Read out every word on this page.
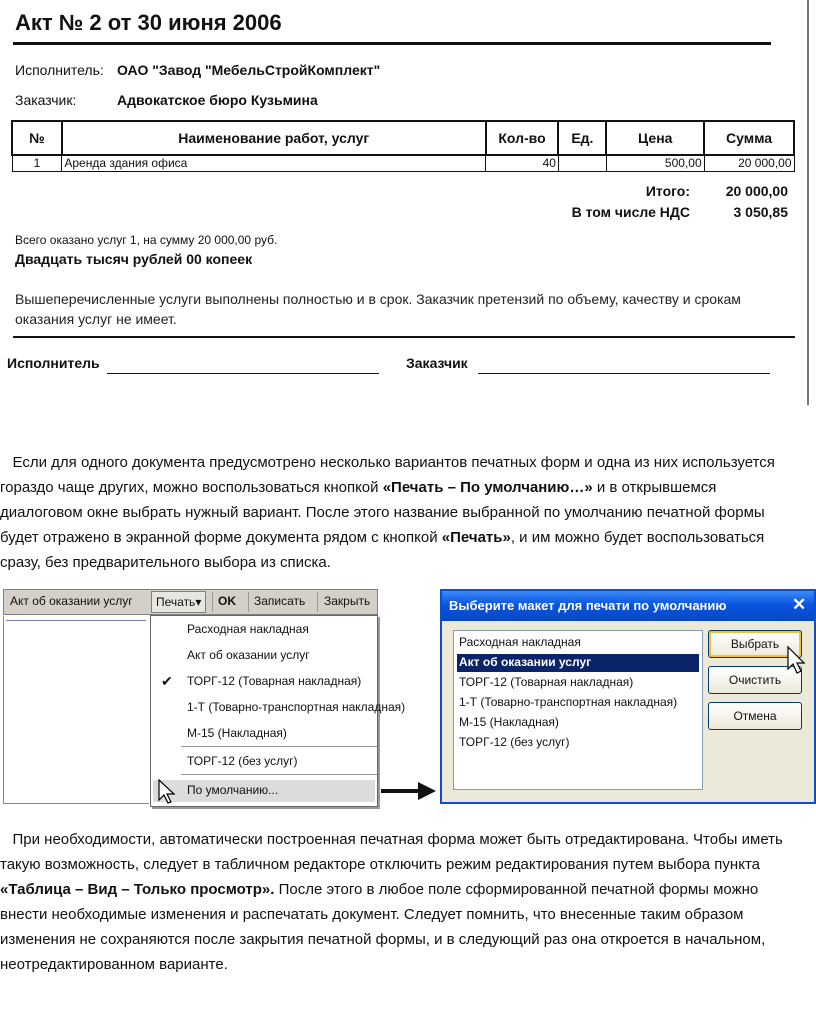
Акт № 2 от 30 июня 2006
Исполнитель: ОАО "Завод "МебельСтройКомплект"
Заказчик:	Адвокатское бюро Кузьмина
№	Наименование работ, услуг	Кол-во	Ед.	Цена	Сумма
1	Аренда здания офиса	40		500,00	20 000,00
Итого:	20 000,00
В том числе НДС	3 050,85
Всего оказано услуг 1, на сумму 20 000,00 руб.
Двадцать тысяч рублей 00 копеек
Вышеперечисленные услуги выполнены полностью и в срок. Заказчик претензий по объему, качеству и срокам оказания услуг не имеет.
Исполнитель	Заказчик
Если для одного документа предусмотрено несколько вариантов печатных форм и одна из них используется гораздо чаще других, можно воспользоваться кнопкой «Печать – По умолчанию…» и в открывшемся диалоговом окне выбрать нужный вариант. После этого название выбранной по умолчанию печатной формы будет отражено в экранной форме документа рядом с кнопкой «Печать», и им можно будет воспользоваться сразу, без предварительного выбора из списка.
Акт об оказании услуг	Печать▾	OK Записать Закрыть
Расходная накладная
✔
Акт об оказании услуг
ТОРГ-12 (Товарная накладная)
1-Т (Товарно-транспортная накладная)
М-15 (Накладная)
ТОРГ-12 (без услуг)
По умолчанию...
Выберите макет для печати по умолчанию	✕
Расходная накладная
Акт об оказании услуг
ТОРГ-12 (Товарная накладная)
1-Т (Товарно-транспортная накладная)
М-15 (Накладная)
ТОРГ-12 (без услуг)
Выбрать
Очистить
Отмена
При необходимости, автоматически построенная печатная форма может быть отредактирована. Чтобы иметь такую возможность, следует в табличном редакторе отключить режим редактирования путем выбора пункта «Таблица – Вид – Только просмотр». После этого в любое поле сформированной печатной формы можно внести необходимые изменения и распечатать документ. Следует помнить, что внесенные таким образом изменения не сохраняются после закрытия печатной формы, и в следующий раз она откроется в начальном, неотредактированном варианте.
